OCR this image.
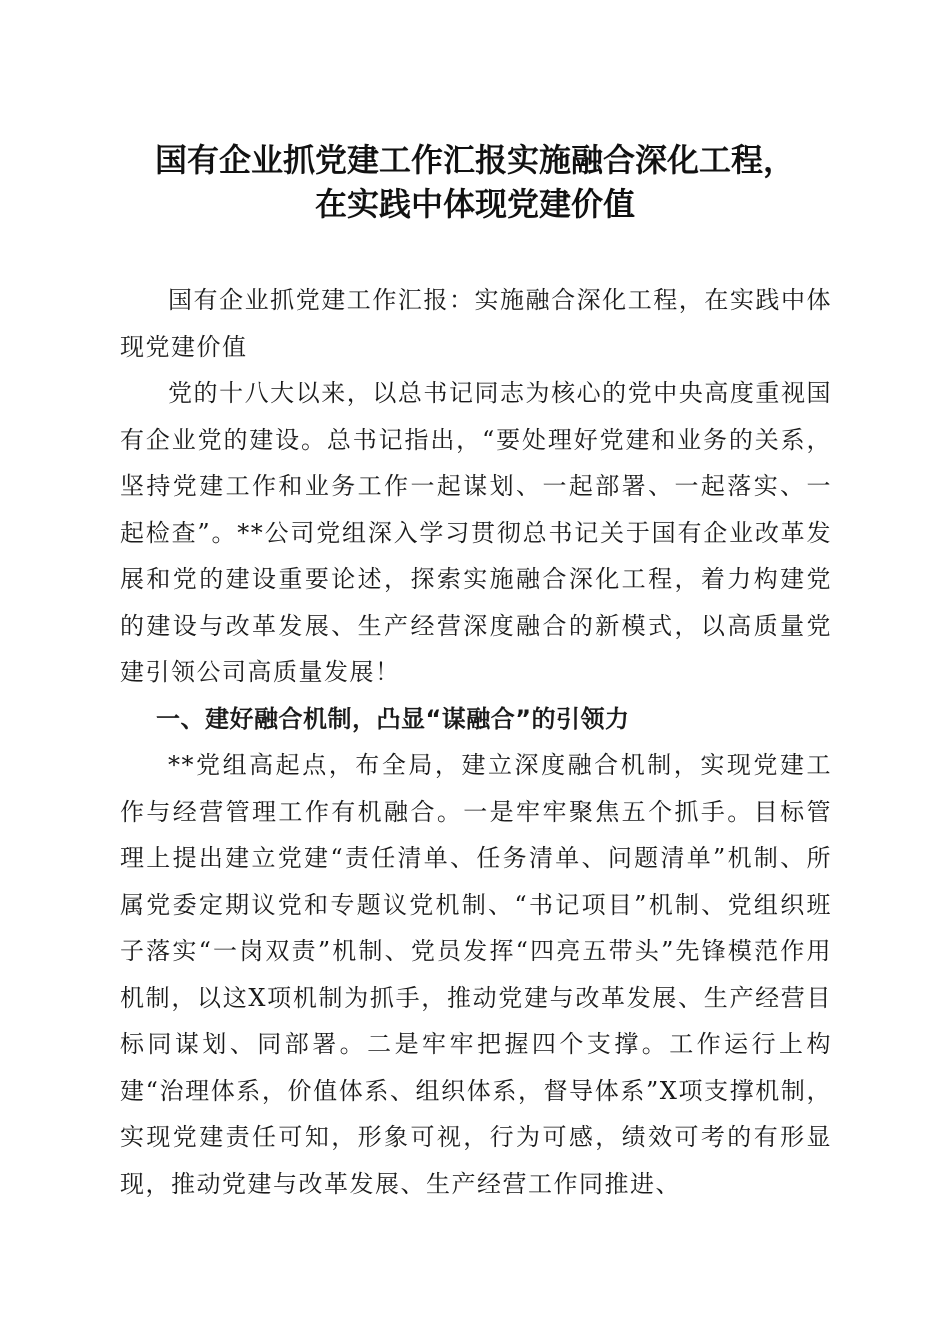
国有企业抓党建工作汇报实施融合深化工程，
在实践中体现党建价值

国有企业抓党建工作汇报：实施融合深化工程，在实践中体现党建价值

党的十八大以来，以总书记同志为核心的党中央高度重视国有企业党的建设。总书记指出，“要处理好党建和业务的关系，坚持党建工作和业务工作一起谋划、一起部署、一起落实、一起检查”。**公司党组深入学习贯彻总书记关于国有企业改革发展和党的建设重要论述，探索实施融合深化工程，着力构建党的建设与改革发展、生产经营深度融合的新模式，以高质量党建引领公司高质量发展！

一、建好融合机制，凸显“谋融合”的引领力

**党组高起点，布全局，建立深度融合机制，实现党建工作与经营管理工作有机融合。一是牢牢聚焦五个抓手。目标管理上提出建立党建“责任清单、任务清单、问题清单”机制、所属党委定期议党和专题议党机制、“书记项目”机制、党组织班子落实“一岗双责”机制、党员发挥“四亮五带头”先锋模范作用机制，以这X项机制为抓手，推动党建与改革发展、生产经营目标同谋划、同部署。二是牢牢把握四个支撑。工作运行上构建“治理体系，价值体系、组织体系，督导体系”X项支撑机制，实现党建责任可知，形象可视，行为可感，绩效可考的有形显现，推动党建与改革发展、生产经营工作同推进、
